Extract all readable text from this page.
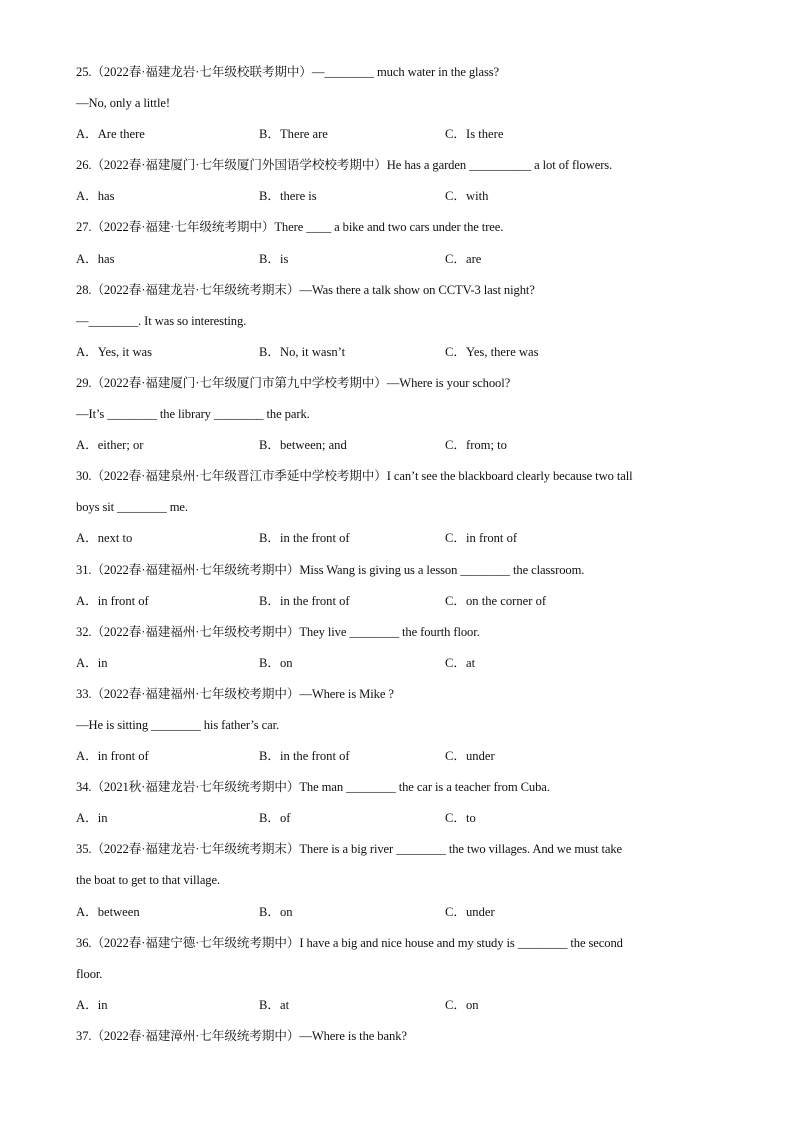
25.（2022春·福建龙岩·七年级校联考期中）—________ much water in the glass?
—No, only a little!
A．Are there	B．There are	C．Is there
26.（2022春·福建厦门·七年级厦门外国语学校校考期中）He has a garden __________ a lot of flowers.
A．has	B．there is	C．with
27.（2022春·福建·七年级统考期中）There ____ a bike and two cars under the tree.
A．has	B．is	C．are
28.（2022春·福建龙岩·七年级统考期末）—Was there a talk show on CCTV-3 last night?
—________. It was so interesting.
A．Yes, it was	B．No, it wasn’t	C．Yes, there was
29.（2022春·福建厦门·七年级厦门市第九中学校考期中）—Where is your school?
—It’s ________ the library ________ the park.
A．either; or	B．between; and	C．from; to
30.（2022春·福建泉州·七年级晋江市季延中学校考期中）I can’t see the blackboard clearly because two tall
boys sit ________ me.
A．next to	B．in the front of	C．in front of
31.（2022春·福建福州·七年级统考期中）Miss Wang is giving us a lesson ________ the classroom.
A．in front of	B．in the front of	C．on the corner of
32.（2022春·福建福州·七年级校考期中）They live ________ the fourth floor.
A．in	B．on	C．at
33.（2022春·福建福州·七年级校考期中）—Where is Mike ?
—He is sitting ________ his father’s car.
A．in front of	B．in the front of	C．under
34.（2021秋·福建龙岩·七年级统考期中）The man ________ the car is a teacher from Cuba.
A．in	B．of	C．to
35.（2022春·福建龙岩·七年级统考期末）There is a big river ________ the two villages. And we must take
the boat to get to that village.
A．between	B．on	C．under
36.（2022春·福建宁德·七年级统考期中）I have a big and nice house and my study is ________ the second
floor.
A．in	B．at	C．on
37.（2022春·福建漳州·七年级统考期中）—Where is the bank?
